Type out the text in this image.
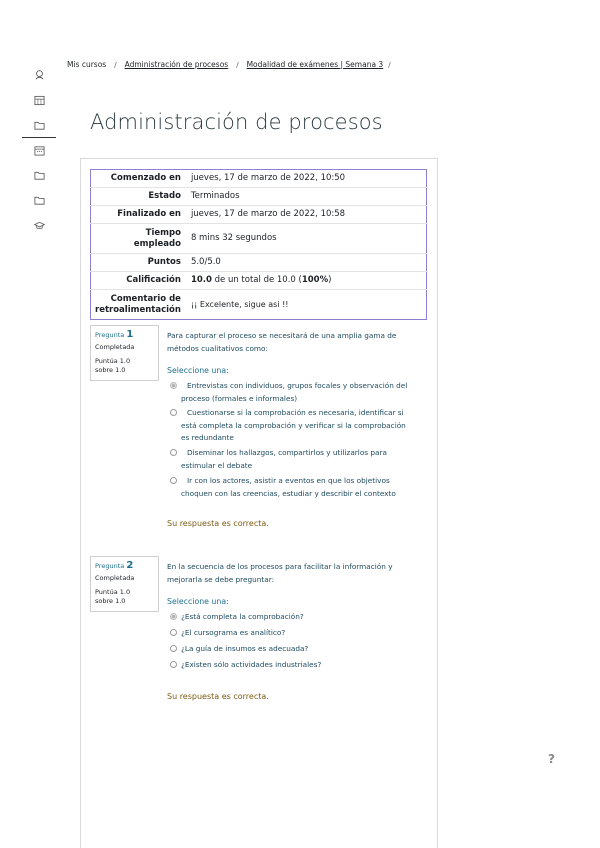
Mis cursos / Administración de procesos / Modalidad de exámenes | Semana 3 /
Administración de procesos
Comenzado en	jueves, 17 de marzo de 2022, 10:50
Estado	Terminados
Finalizado en	jueves, 17 de marzo de 2022, 10:58
Tiempo
empleado	8 mins 32 segundos
Puntos	5.0/5.0
Calificación	10.0 de un total de 10.0 (100%)
Comentario de
retroalimentación	¡¡ Excelente, sigue asi !!
Pregunta 1
Completada
Puntúa 1.0
sobre 1.0
Para capturar el proceso se necesitará de una amplia gama de métodos cualitativos como:
Seleccione una:
Entrevistas con individuos, grupos focales y observación del proceso (formales e informales)
Cuestionarse si la comprobación es necesaria, identificar si está completa la comprobación y verificar si la comprobación es redundante
Diseminar los hallazgos, compartirlos y utilizarlos para estimular el debate
Ir con los actores, asistir a eventos en que los objetivos choquen con las creencias, estudiar y describir el contexto
Su respuesta es correcta.
Pregunta 2
Completada
Puntúa 1.0
sobre 1.0
En la secuencia de los procesos para facilitar la información y mejorarla se debe preguntar:
Seleccione una:
¿Está completa la comprobación?
¿El cursograma es analítico?
¿La guía de insumos es adecuada?
¿Existen sólo actividades industriales?
Su respuesta es correcta.
?
